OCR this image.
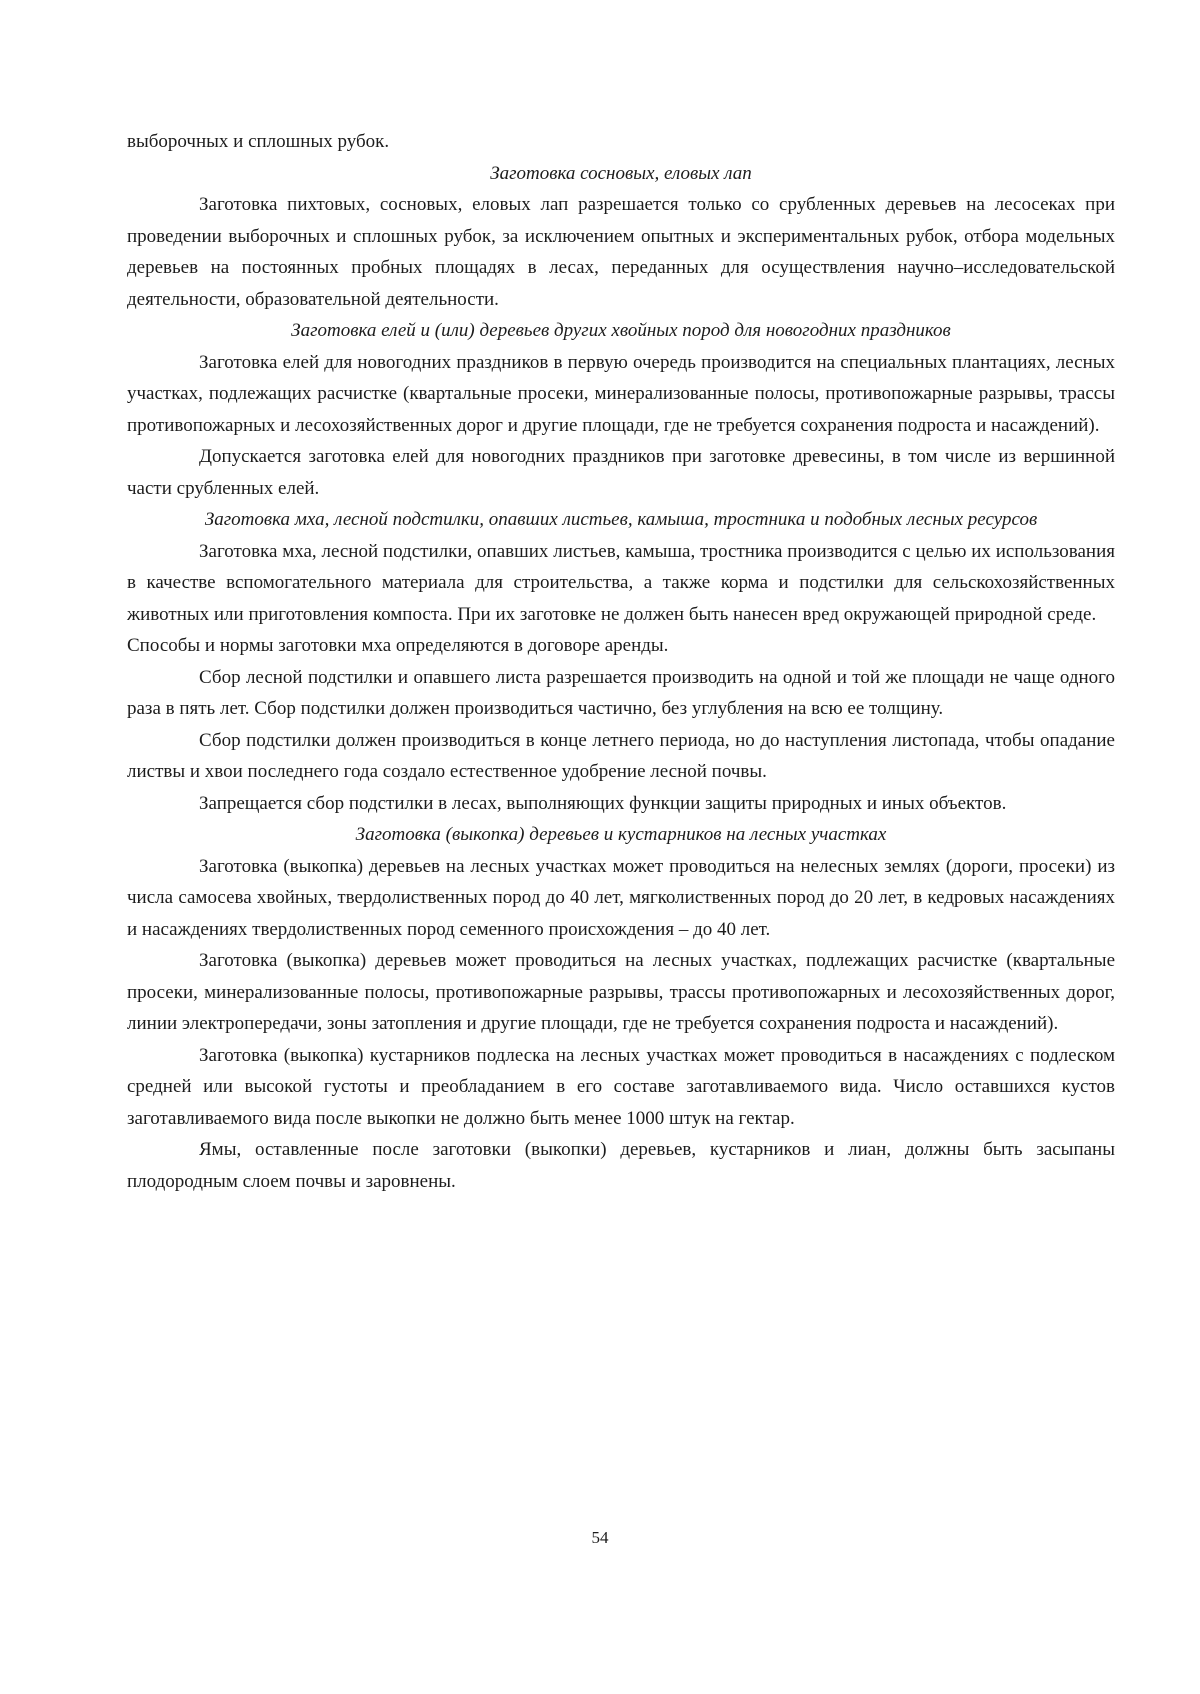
выборочных и сплошных рубок.

Заготовка сосновых, еловых лап

Заготовка пихтовых, сосновых, еловых лап разрешается только со срубленных деревьев на лесосеках при проведении выборочных и сплошных рубок, за исключением опытных и экспериментальных рубок, отбора модельных деревьев на постоянных пробных площадях в лесах, переданных для осуществления научно–исследовательской деятельности, образовательной деятельности.

Заготовка елей и (или) деревьев других хвойных пород для новогодних праздников

Заготовка елей для новогодних праздников в первую очередь производится на специальных плантациях, лесных участках, подлежащих расчистке (квартальные просеки, минерализованные полосы, противопожарные разрывы, трассы противопожарных и лесохозяйственных дорог и другие площади, где не требуется сохранения подроста и насаждений).

Допускается заготовка елей для новогодних праздников при заготовке древесины, в том числе из вершинной части срубленных елей.

Заготовка мха, лесной подстилки, опавших листьев, камыша, тростника и подобных лесных ресурсов

Заготовка мха, лесной подстилки, опавших листьев, камыша, тростника производится с целью их использования в качестве вспомогательного материала для строительства, а также корма и подстилки для сельскохозяйственных животных или приготовления компоста. При их заготовке не должен быть нанесен вред окружающей природной среде.

Способы и нормы заготовки мха определяются в договоре аренды.

Сбор лесной подстилки и опавшего листа разрешается производить на одной и той же площади не чаще одного раза в пять лет. Сбор подстилки должен производиться частично, без углубления на всю ее толщину.

Сбор подстилки должен производиться в конце летнего периода, но до наступления листопада, чтобы опадание листвы и хвои последнего года создало естественное удобрение лесной почвы.

Запрещается сбор подстилки в лесах, выполняющих функции защиты природных и иных объектов.

Заготовка (выкопка) деревьев и кустарников на лесных участках

Заготовка (выкопка) деревьев на лесных участках может проводиться на нелесных землях (дороги, просеки) из числа самосева хвойных, твердолиственных пород до 40 лет, мягколиственных пород до 20 лет, в кедровых насаждениях и насаждениях твердолиственных пород семенного происхождения – до 40 лет.

Заготовка (выкопка) деревьев может проводиться на лесных участках, подлежащих расчистке (квартальные просеки, минерализованные полосы, противопожарные разрывы, трассы противопожарных и лесохозяйственных дорог, линии электропередачи, зоны затопления и другие площади, где не требуется сохранения подроста и насаждений).

Заготовка (выкопка) кустарников подлеска на лесных участках может проводиться в насаждениях с подлеском средней или высокой густоты и преобладанием в его составе заготавливаемого вида. Число оставшихся кустов заготавливаемого вида после выкопки не должно быть менее 1000 штук на гектар.

Ямы, оставленные после заготовки (выкопки) деревьев, кустарников и лиан, должны быть засыпаны плодородным слоем почвы и заровнены.

54
